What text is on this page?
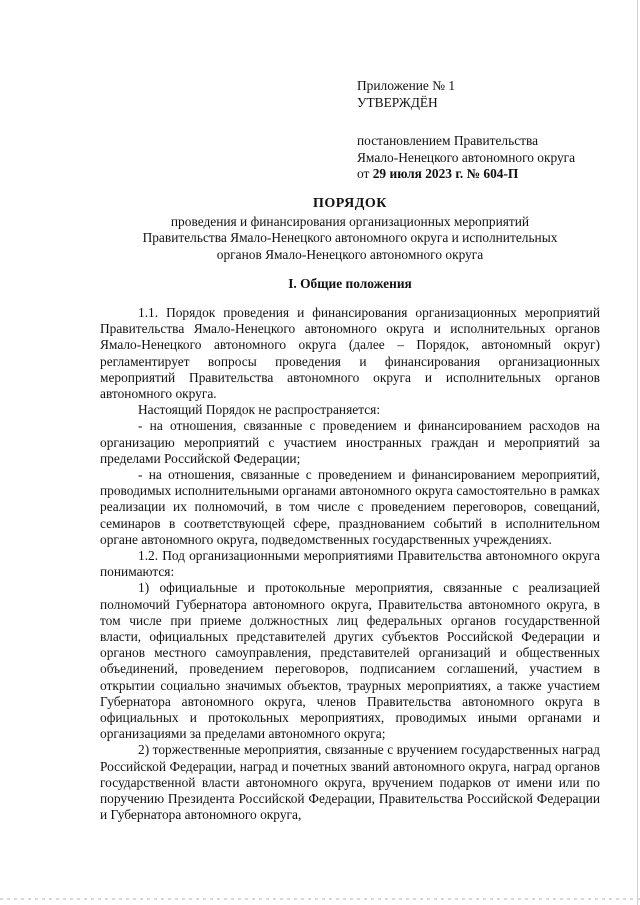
Приложение № 1
УТВЕРЖДЁН
постановлением Правительства
Ямало-Ненецкого автономного округа
от 29 июля 2023 г. № 604-П
ПОРЯДОК
проведения и финансирования организационных мероприятий
Правительства Ямало-Ненецкого автономного округа и исполнительных
органов Ямало-Ненецкого автономного округа
I. Общие положения

1.1. Порядок проведения и финансирования организационных мероприятий Правительства Ямало-Ненецкого автономного округа и исполнительных органов Ямало-Ненецкого автономного округа (далее – Порядок, автономный округ) регламентирует вопросы проведения и финансирования организационных мероприятий Правительства автономного округа и исполнительных органов автономного округа.

Настоящий Порядок не распространяется:

- на отношения, связанные с проведением и финансированием расходов на организацию мероприятий с участием иностранных граждан и мероприятий за пределами Российской Федерации;

- на отношения, связанные с проведением и финансированием мероприятий, проводимых исполнительными органами автономного округа самостоятельно в рамках реализации их полномочий, в том числе с проведением переговоров, совещаний, семинаров в соответствующей сфере, празднованием событий в исполнительном органе автономного округа, подведомственных государственных учреждениях.

1.2. Под организационными мероприятиями Правительства автономного округа понимаются:

1) официальные и протокольные мероприятия, связанные с реализацией полномочий Губернатора автономного округа, Правительства автономного округа, в том числе при приеме должностных лиц федеральных органов государственной власти, официальных представителей других субъектов Российской Федерации и органов местного самоуправления, представителей организаций и общественных объединений, проведением переговоров, подписанием соглашений, участием в открытии социально значимых объектов, траурных мероприятиях, а также участием Губернатора автономного округа, членов Правительства автономного округа в официальных и протокольных мероприятиях, проводимых иными органами и организациями за пределами автономного округа;

2) торжественные мероприятия, связанные с вручением государственных наград Российской Федерации, наград и почетных званий автономного округа, наград органов государственной власти автономного округа, вручением подарков от имени или по поручению Президента Российской Федерации, Правительства Российской Федерации и Губернатора автономного округа,
